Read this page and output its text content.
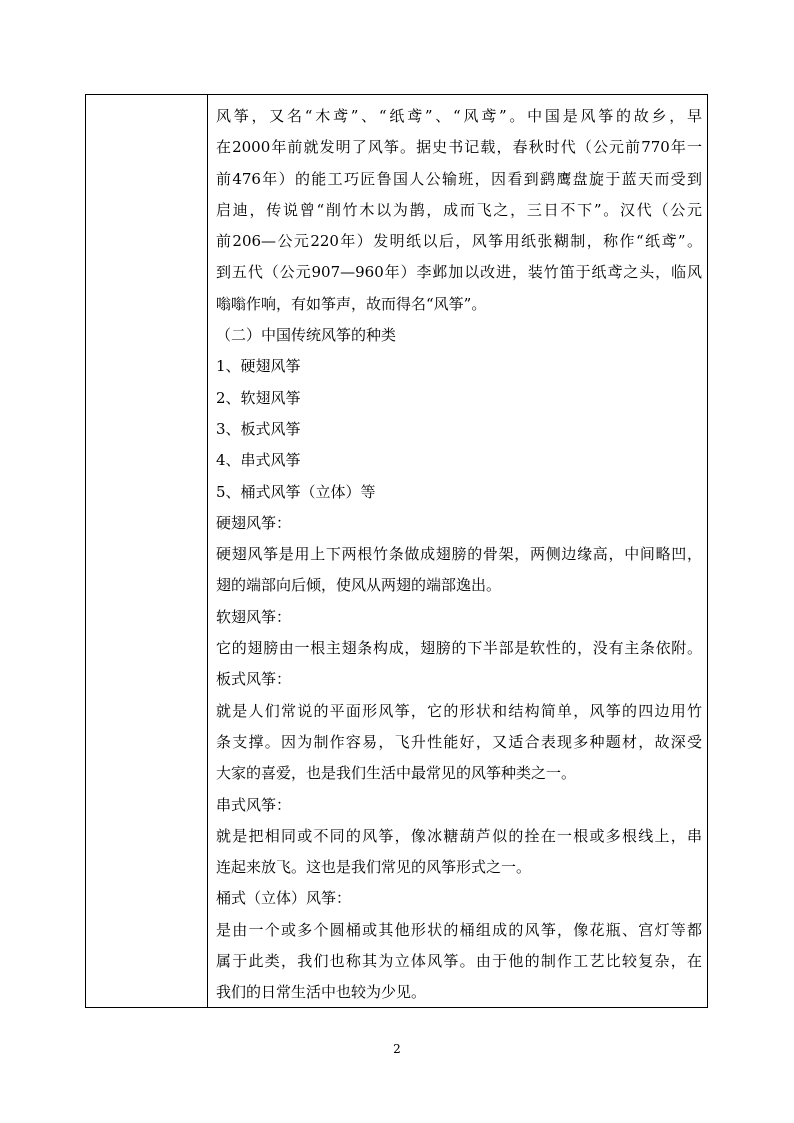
风筝，又名“木鸢”、“纸鸢”、“风鸢”。中国是风筝的故乡，早
在2000年前就发明了风筝。据史书记载，春秋时代（公元前770年一
前476年）的能工巧匠鲁国人公输班，因看到鹞鹰盘旋于蓝天而受到
启迪，传说曾“削竹木以为鹊，成而飞之，三日不下”。汉代（公元
前206—公元220年）发明纸以后，风筝用纸张糊制，称作“纸鸢”。
到五代（公元907—960年）李邺加以改进，装竹笛于纸鸢之头，临风
嗡嗡作响，有如筝声，故而得名“风筝”。
（二）中国传统风筝的种类
1、硬翅风筝
2、软翅风筝
3、板式风筝
4、串式风筝
5、桶式风筝（立体）等
硬翅风筝：
硬翅风筝是用上下两根竹条做成翅膀的骨架，两侧边缘高，中间略凹，
翅的端部向后倾，使风从两翅的端部逸出。
软翅风筝：
它的翅膀由一根主翅条构成，翅膀的下半部是软性的，没有主条依附。
板式风筝：
就是人们常说的平面形风筝，它的形状和结构简单，风筝的四边用竹
条支撑。因为制作容易，飞升性能好，又适合表现多种题材，故深受
大家的喜爱，也是我们生活中最常见的风筝种类之一。
串式风筝：
就是把相同或不同的风筝，像冰糖葫芦似的拴在一根或多根线上，串
连起来放飞。这也是我们常见的风筝形式之一。
桶式（立体）风筝：
是由一个或多个圆桶或其他形状的桶组成的风筝，像花瓶、宫灯等都
属于此类，我们也称其为立体风筝。由于他的制作工艺比较复杂，在
我们的日常生活中也较为少见。
2
